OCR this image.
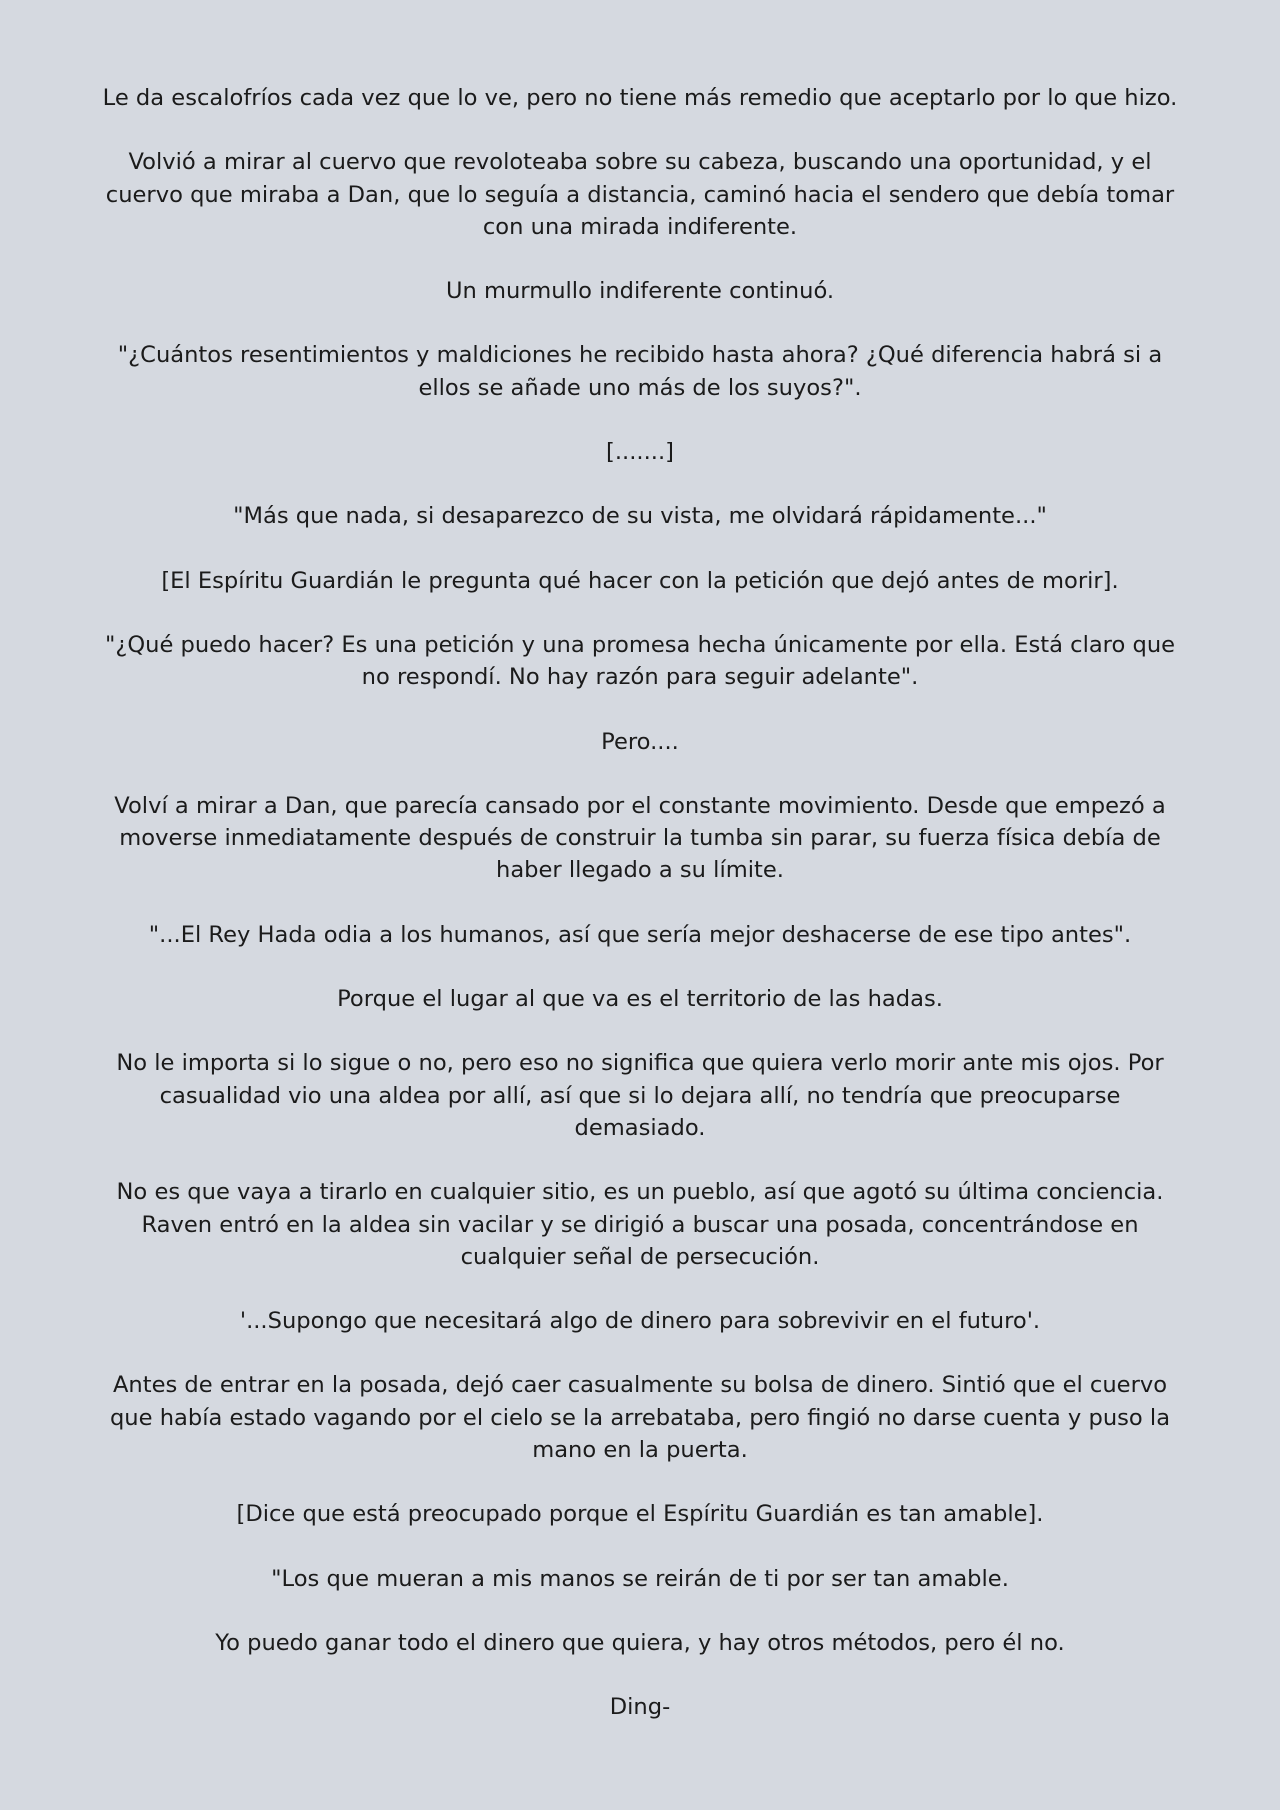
Le da escalofríos cada vez que lo ve, pero no tiene más remedio que aceptarlo por lo que hizo.

Volvió a mirar al cuervo que revoloteaba sobre su cabeza, buscando una oportunidad, y el cuervo que miraba a Dan, que lo seguía a distancia, caminó hacia el sendero que debía tomar con una mirada indiferente.

Un murmullo indiferente continuó.

"¿Cuántos resentimientos y maldiciones he recibido hasta ahora? ¿Qué diferencia habrá si a ellos se añade uno más de los suyos?".

[.......]

"Más que nada, si desaparezco de su vista, me olvidará rápidamente..."

[El Espíritu Guardián le pregunta qué hacer con la petición que dejó antes de morir].

"¿Qué puedo hacer? Es una petición y una promesa hecha únicamente por ella. Está claro que no respondí. No hay razón para seguir adelante".

Pero....

Volví a mirar a Dan, que parecía cansado por el constante movimiento. Desde que empezó a moverse inmediatamente después de construir la tumba sin parar, su fuerza física debía de haber llegado a su límite.

"...El Rey Hada odia a los humanos, así que sería mejor deshacerse de ese tipo antes".

Porque el lugar al que va es el territorio de las hadas.

No le importa si lo sigue o no, pero eso no significa que quiera verlo morir ante mis ojos. Por casualidad vio una aldea por allí, así que si lo dejara allí, no tendría que preocuparse demasiado.

No es que vaya a tirarlo en cualquier sitio, es un pueblo, así que agotó su última conciencia. Raven entró en la aldea sin vacilar y se dirigió a buscar una posada, concentrándose en cualquier señal de persecución.

'...Supongo que necesitará algo de dinero para sobrevivir en el futuro'.

Antes de entrar en la posada, dejó caer casualmente su bolsa de dinero. Sintió que el cuervo que había estado vagando por el cielo se la arrebataba, pero fingió no darse cuenta y puso la mano en la puerta.

[Dice que está preocupado porque el Espíritu Guardián es tan amable].

"Los que mueran a mis manos se reirán de ti por ser tan amable.

Yo puedo ganar todo el dinero que quiera, y hay otros métodos, pero él no.

Ding-
